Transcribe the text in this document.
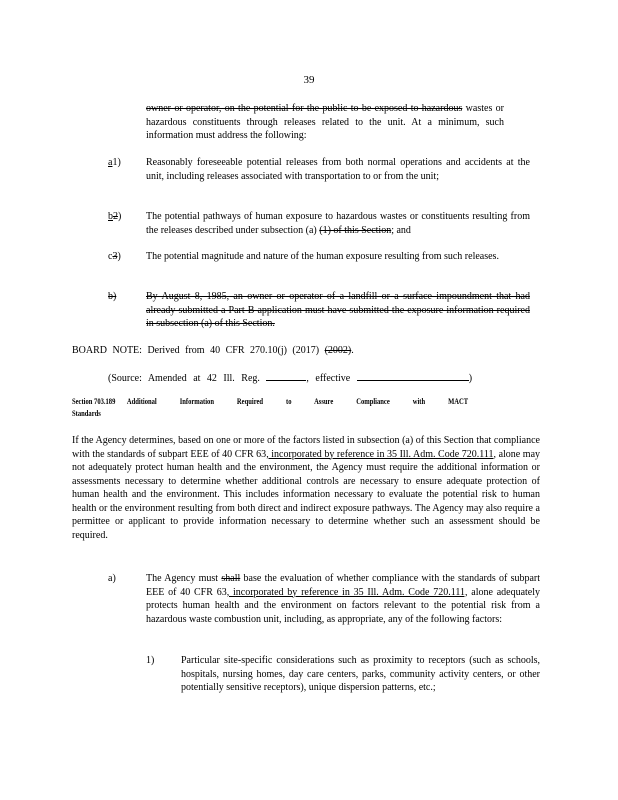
39
owner or operator, on the potential for the public to be exposed to hazardous wastes or hazardous constituents through releases related to the unit. At a minimum, such information must address the following:
a1)	Reasonably foreseeable potential releases from both normal operations and accidents at the unit, including releases associated with transportation to or from the unit;
b2) The potential pathways of human exposure to hazardous wastes or constituents resulting from the releases described under subsection (a) (1) of this Section; and
c3)	The potential magnitude and nature of the human exposure resulting from such releases.
b)	By August 8, 1985, an owner or operator of a landfill or a surface impoundment that had already submitted a Part B application must have submitted the exposure information required in subsection (a) of this Section.
BOARD NOTE: Derived from 40 CFR 270.10(j) (2017) (2002).
(Source: Amended at 42 Ill. Reg.	, effective	)
Section 703.189 Additional Information Required to Assure Compliance with MACT Standards
If the Agency determines, based on one or more of the factors listed in subsection (a) of this Section that compliance with the standards of subpart EEE of 40 CFR 63, incorporated by reference in 35 Ill. Adm. Code 720.111, alone may not adequately protect human health and the environment, the Agency must require the additional information or assessments necessary to determine whether additional controls are necessary to ensure adequate protection of human health and the environment. This includes information necessary to evaluate the potential risk to human health or the environment resulting from both direct and indirect exposure pathways. The Agency may also require a permittee or applicant to provide information necessary to determine whether such an assessment should be required.
a)	The Agency must shall base the evaluation of whether compliance with the standards of subpart EEE of 40 CFR 63, incorporated by reference in 35 Ill. Adm. Code 720.111, alone adequately protects human health and the environment on factors relevant to the potential risk from a hazardous waste combustion unit, including, as appropriate, any of the following factors:
1)	Particular site-specific considerations such as proximity to receptors (such as schools, hospitals, nursing homes, day care centers, parks, community activity centers, or other potentially sensitive receptors), unique dispersion patterns, etc.;
